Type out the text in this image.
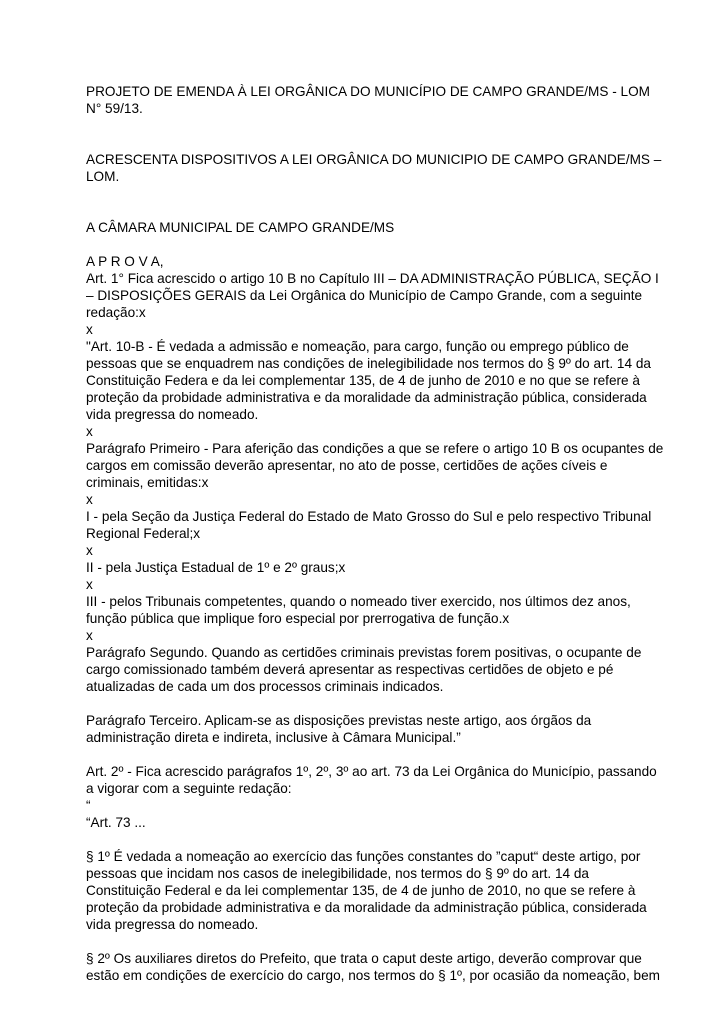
PROJETO DE EMENDA À LEI ORGÂNICA DO MUNICÍPIO DE CAMPO GRANDE/MS - LOM N° 59/13.

ACRESCENTA DISPOSITIVOS A LEI ORGÂNICA DO MUNICIPIO DE CAMPO GRANDE/MS – LOM.

A CÂMARA MUNICIPAL DE CAMPO GRANDE/MS

A P R O V A,

Art. 1° Fica acrescido o artigo 10 B no Capítulo III – DA ADMINISTRAÇÃO PÚBLICA, SEÇÃO I – DISPOSIÇÕES GERAIS da Lei Orgânica do Município de Campo Grande, com a seguinte redação:x

x

"Art. 10-B - É vedada a admissão e nomeação, para cargo, função ou emprego público de pessoas que se enquadrem nas condições de inelegibilidade nos termos do § 9º do art. 14 da Constituição Federa e da lei complementar 135, de 4 de junho de 2010 e no que se refere à proteção da probidade administrativa e da moralidade da administração pública, considerada vida pregressa do nomeado.

x

Parágrafo Primeiro - Para aferição das condições a que se refere o artigo 10 B os ocupantes de cargos em comissão deverão apresentar, no ato de posse, certidões de ações cíveis e criminais, emitidas:x

x

I - pela Seção da Justiça Federal do Estado de Mato Grosso do Sul e pelo respectivo Tribunal Regional Federal;x

x

II - pela Justiça Estadual de 1º e 2º graus;x

x

III - pelos Tribunais competentes, quando o nomeado tiver exercido, nos últimos dez anos, função pública que implique foro especial por prerrogativa de função.x

x

Parágrafo Segundo. Quando as certidões criminais previstas forem positivas, o ocupante de cargo comissionado também deverá apresentar as respectivas certidões de objeto e pé atualizadas de cada um dos processos criminais indicados.

Parágrafo Terceiro. Aplicam-se as disposições previstas neste artigo, aos órgãos da administração direta e indireta, inclusive à Câmara Municipal.”

Art. 2º - Fica acrescido parágrafos 1º, 2º, 3º ao art. 73 da Lei Orgânica do Município, passando a vigorar com a seguinte redação:

“

“Art. 73 ...

§ 1º É vedada a nomeação ao exercício das funções constantes do ”caput“ deste artigo, por pessoas que incidam nos casos de inelegibilidade, nos termos do § 9º do art. 14 da Constituição Federal e da lei complementar 135, de 4 de junho de 2010, no que se refere à proteção da probidade administrativa e da moralidade da administração pública, considerada vida pregressa do nomeado.

§ 2º Os auxiliares diretos do Prefeito, que trata o caput deste artigo, deverão comprovar que estão em condições de exercício do cargo, nos termos do § 1º, por ocasião da nomeação, bem
